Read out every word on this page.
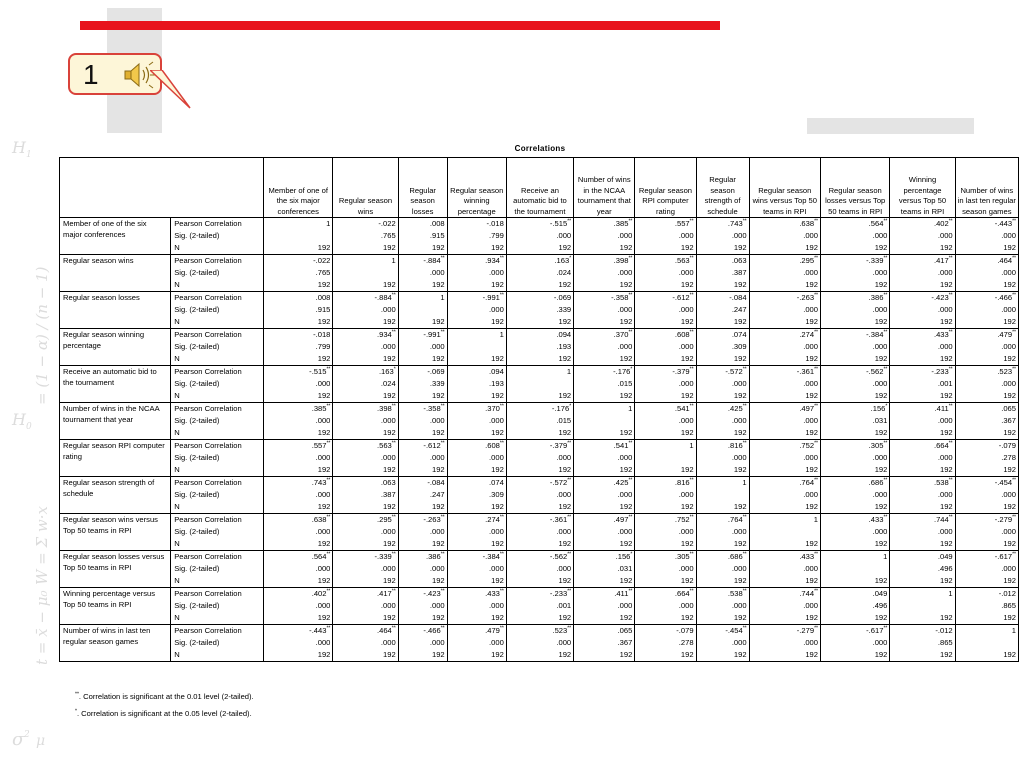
H 1
H 0
σ 2 μ
= (1 − α) / (n − 1)
W = Σ w·x
t = x̄ − μ₀
1
Correlations
		Member of one of the six major conferences	Regular season wins	Regular season losses	Regular season winning percentage	Receive an automatic bid to the tournament	Number of wins in the NCAA tournament that year	Regular season RPI computer rating	Regular season strength of schedule	Regular season wins versus Top 50 teams in RPI	Regular season losses versus Top 50 teams in RPI	Winning percentage versus Top 50 teams in RPI	Number of wins in last ten regular season games
Member of one of the six major conferences	Pearson Correlation	1	-.022	.008	-.018	-.515**	.385**	.557**	.743**	.638**	.564**	.402**	-.443**
	Sig. (2-tailed)		.765	.915	.799	.000	.000	.000	.000	.000	.000	.000	.000
	N	192	192	192	192	192	192	192	192	192	192	192	192
Regular season wins	Pearson Correlation	-.022	1	-.884**	.934**	.163*	.398**	.563**	.063	.295**	-.339**	.417**	.464**
	Sig. (2-tailed)	.765		.000	.000	.024	.000	.000	.387	.000	.000	.000	.000
	N	192	192	192	192	192	192	192	192	192	192	192	192
Regular season losses	Pearson Correlation	.008	-.884**	1	-.991**	-.069	-.358**	-.612**	-.084	-.263**	.386**	-.423**	-.466**
	Sig. (2-tailed)	.915	.000		.000	.339	.000	.000	.247	.000	.000	.000	.000
	N	192	192	192	192	192	192	192	192	192	192	192	192
Regular season winning percentage	Pearson Correlation	-.018	.934**	-.991**	1	.094	.370**	.608**	.074	.274**	-.384**	.433**	.479**
	Sig. (2-tailed)	.799	.000	.000		.193	.000	.000	.309	.000	.000	.000	.000
	N	192	192	192	192	192	192	192	192	192	192	192	192
Receive an automatic bid to the tournament	Pearson Correlation	-.515**	.163*	-.069	.094	1	-.176*	-.379**	-.572**	-.361**	-.562**	-.233**	.523**
	Sig. (2-tailed)	.000	.024	.339	.193		.015	.000	.000	.000	.000	.001	.000
	N	192	192	192	192	192	192	192	192	192	192	192	192
Number of wins in the NCAA tournament that year	Pearson Correlation	.385**	.398**	-.358**	.370**	-.176*	1	.541**	.425**	.497**	.156*	.411**	.065
	Sig. (2-tailed)	.000	.000	.000	.000	.015		.000	.000	.000	.031	.000	.367
	N	192	192	192	192	192	192	192	192	192	192	192	192
Regular season RPI computer rating	Pearson Correlation	.557**	.563**	-.612**	.608**	-.379**	.541**	1	.816**	.752**	.305**	.664**	-.079
	Sig. (2-tailed)	.000	.000	.000	.000	.000	.000		.000	.000	.000	.000	.278
	N	192	192	192	192	192	192	192	192	192	192	192	192
Regular season strength of schedule	Pearson Correlation	.743**	.063	-.084	.074	-.572**	.425**	.816**	1	.764**	.686**	.538**	-.454**
	Sig. (2-tailed)	.000	.387	.247	.309	.000	.000	.000		.000	.000	.000	.000
	N	192	192	192	192	192	192	192	192	192	192	192	192
Regular season wins versus Top 50 teams in RPI	Pearson Correlation	.638**	.295**	-.263**	.274**	-.361**	.497**	.752**	.764**	1	.433**	.744**	-.279**
	Sig. (2-tailed)	.000	.000	.000	.000	.000	.000	.000	.000		.000	.000	.000
	N	192	192	192	192	192	192	192	192	192	192	192	192
Regular season losses versus Top 50 teams in RPI	Pearson Correlation	.564**	-.339**	.386**	-.384**	-.562**	.156*	.305**	.686**	.433**	1	.049	-.617**
	Sig. (2-tailed)	.000	.000	.000	.000	.000	.031	.000	.000	.000		.496	.000
	N	192	192	192	192	192	192	192	192	192	192	192	192
Winning percentage versus Top 50 teams in RPI	Pearson Correlation	.402**	.417**	-.423**	.433**	-.233**	.411**	.664**	.538**	.744**	.049	1	-.012
	Sig. (2-tailed)	.000	.000	.000	.000	.001	.000	.000	.000	.000	.496		.865
	N	192	192	192	192	192	192	192	192	192	192	192	192
Number of wins in last ten regular season games	Pearson Correlation	-.443**	.464**	-.466**	.479**	.523**	.065	-.079	-.454**	-.279**	-.617**	-.012	1
	Sig. (2-tailed)	.000	.000	.000	.000	.000	.367	.278	.000	.000	.000	.865	
	N	192	192	192	192	192	192	192	192	192	192	192	192
**. Correlation is significant at the 0.01 level (2-tailed).
*. Correlation is significant at the 0.05 level (2-tailed).
